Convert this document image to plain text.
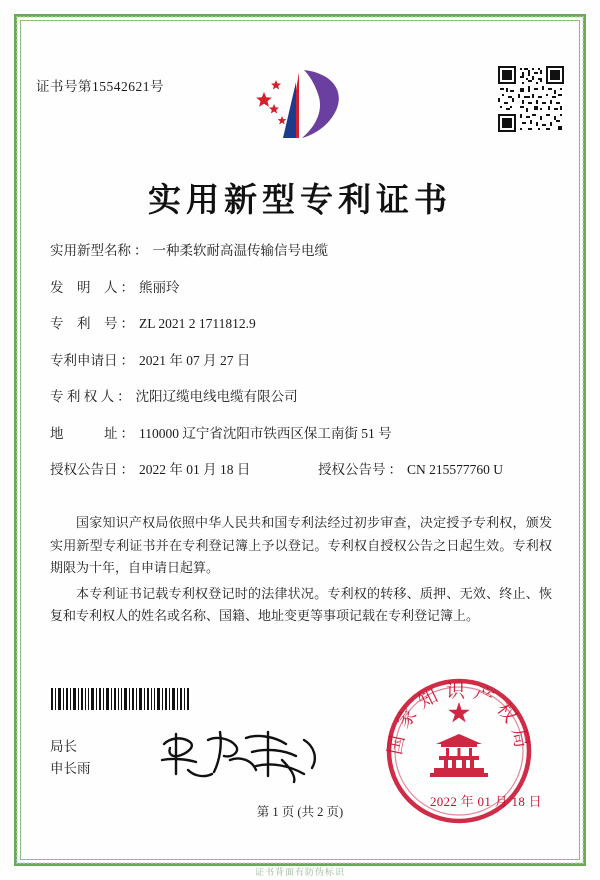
证书号第15542621号
实用新型专利证书
实用新型名称 ： 一种柔软耐高温传输信号电缆
发　明　人 ： 熊丽玲
专　利　号 ： ZL 2021 2 1711812.9
专利申请日 ： 2021 年 07 月 27 日
专 利 权 人 ： 沈阳辽缆电线电缆有限公司
地　　　址 ： 110000 辽宁省沈阳市铁西区保工南街 51 号
授权公告日 ： 2022 年 01 月 18 日	授权公告号 ： CN 215577760 U

国家知识产权局依照中华人民共和国专利法经过初步审查，决定授予专利权，颁发实用新型专利证书并在专利登记簿上予以登记。专利权自授权公告之日起生效。专利权期限为十年，自申请日起算。

本专利证书记载专利权登记时的法律状况。专利权的转移、质押、无效、终止、恢复和专利权人的姓名或名称、国籍、地址变更等事项记载在专利登记簿上。

局长
申长雨
国家知识产权局
2022 年 01 月 18 日
第 1 页 (共 2 页)
证书背面有防伪标识
